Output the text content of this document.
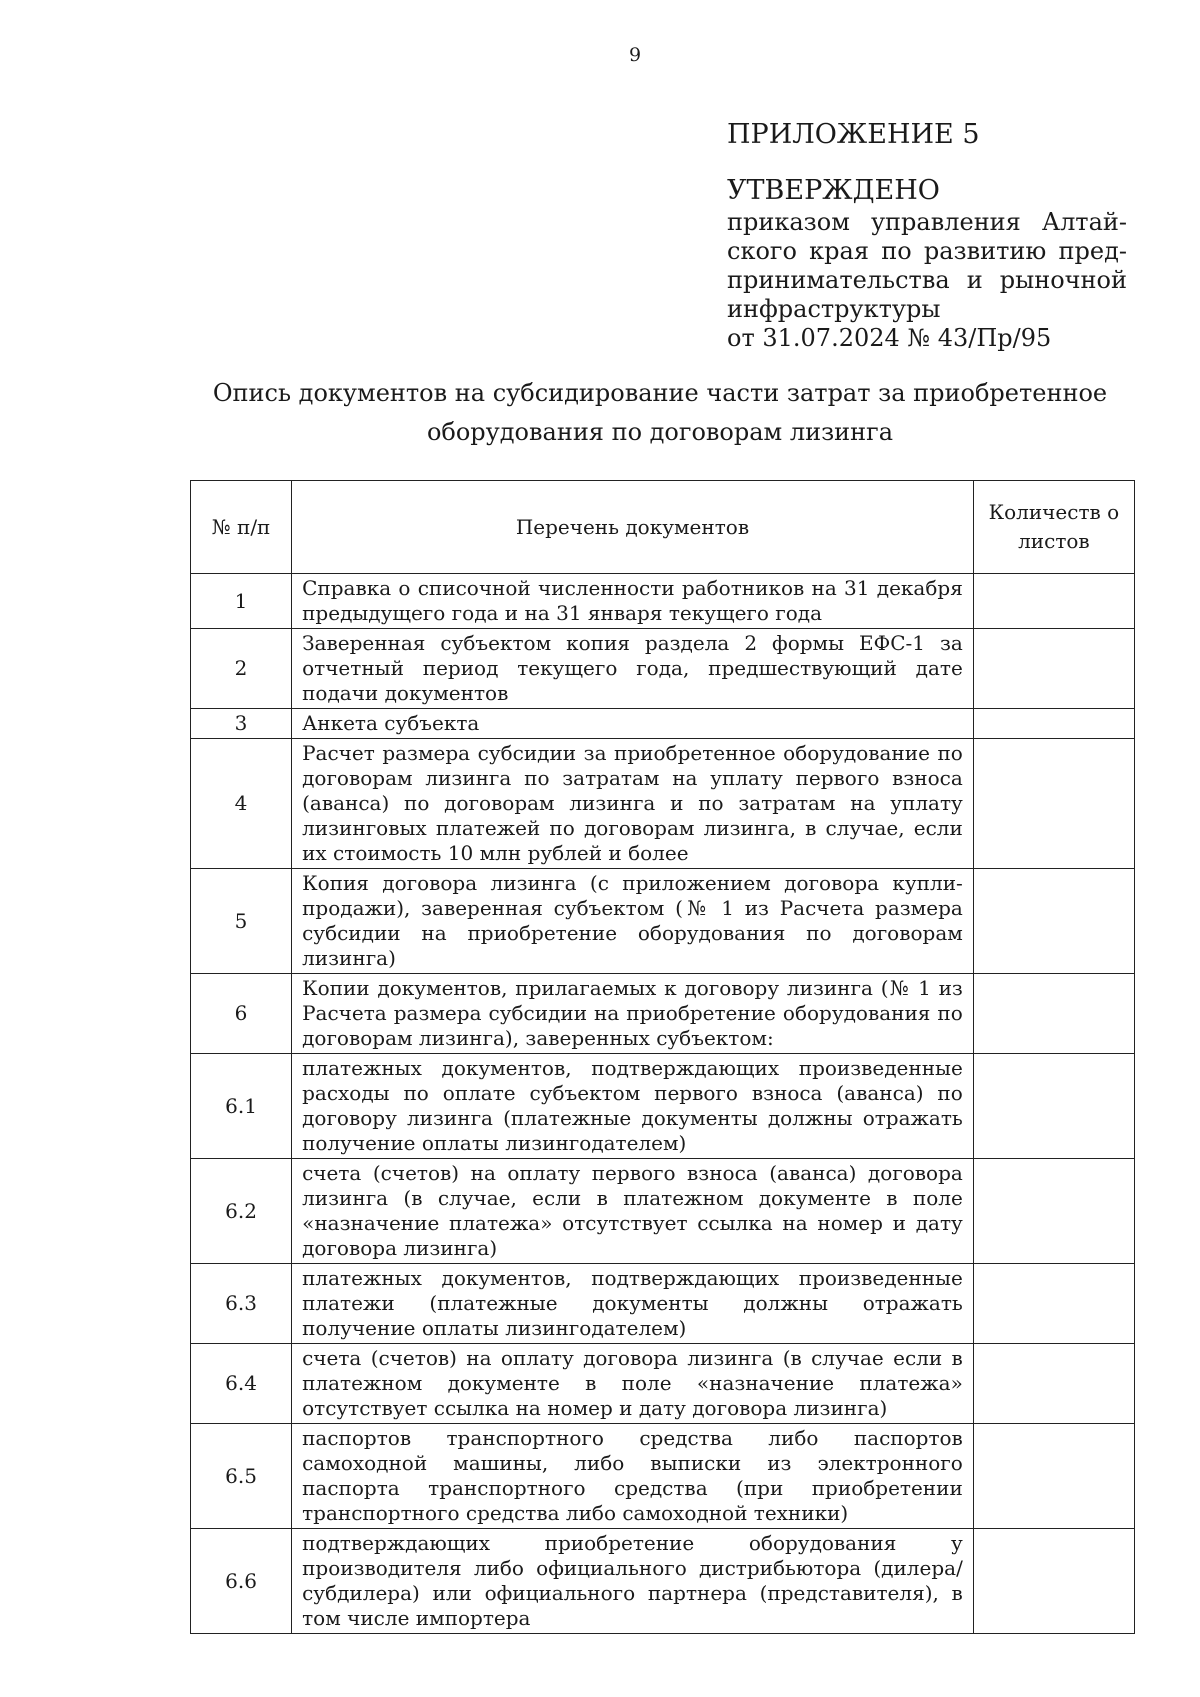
9

ПРИЛОЖЕНИЕ 5

УТВЕРЖДЕНО

приказом управления Алтайского края по развитию предпринимательства и рыночной инфраструктуры

от 31.07.2024 № 43/Пр/95

Опись документов на субсидирование части затрат за приобретенное оборудования по договорам лизинга
№ п/п	Перечень документов	Количеств о листов
1	Справка о списочной численности работников на 31 декабря предыдущего года и на 31 января текущего года	
2	Заверенная субъектом копия раздела 2 формы ЕФС-1 за отчетный период текущего года, предшествующий дате подачи документов	
3	Анкета субъекта	
4	Расчет размера субсидии за приобретенное оборудование по договорам лизинга по затратам на уплату первого взноса (аванса) по договорам лизинга и по затратам на уплату лизинговых платежей по договорам лизинга, в случае, если их стоимость 10 млн рублей и более	
5	Копия договора лизинга (с приложением договора купли-продажи), заверенная субъектом (№ 1 из Расчета размера субсидии на приобретение оборудования по договорам лизинга)	
6	Копии документов, прилагаемых к договору лизинга (№ 1 из Расчета размера субсидии на приобретение оборудования по договорам лизинга), заверенных субъектом:	
6.1	платежных документов, подтверждающих произведенные расходы по оплате субъектом первого взноса (аванса) по договору лизинга (платежные документы должны отражать получение оплаты лизингодателем)	
6.2	счета (счетов) на оплату первого взноса (аванса) договора лизинга (в случае, если в платежном документе в поле «назначение платежа» отсутствует ссылка на номер и дату договора лизинга)	
6.3	платежных документов, подтверждающих произведенные платежи (платежные документы должны отражать получение оплаты лизингодателем)	
6.4	счета (счетов) на оплату договора лизинга (в случае если в платежном документе в поле «назначение платежа» отсутствует ссылка на номер и дату договора лизинга)	
6.5	паспортов транспортного средства либо паспортов самоходной машины, либо выписки из электронного паспорта транспортного средства (при приобретении транспортного средства либо самоходной техники)	
6.6	подтверждающих приобретение оборудования у производителя либо официального дистрибьютора (дилера/субдилера) или официального партнера (представителя), в том числе импортера	
